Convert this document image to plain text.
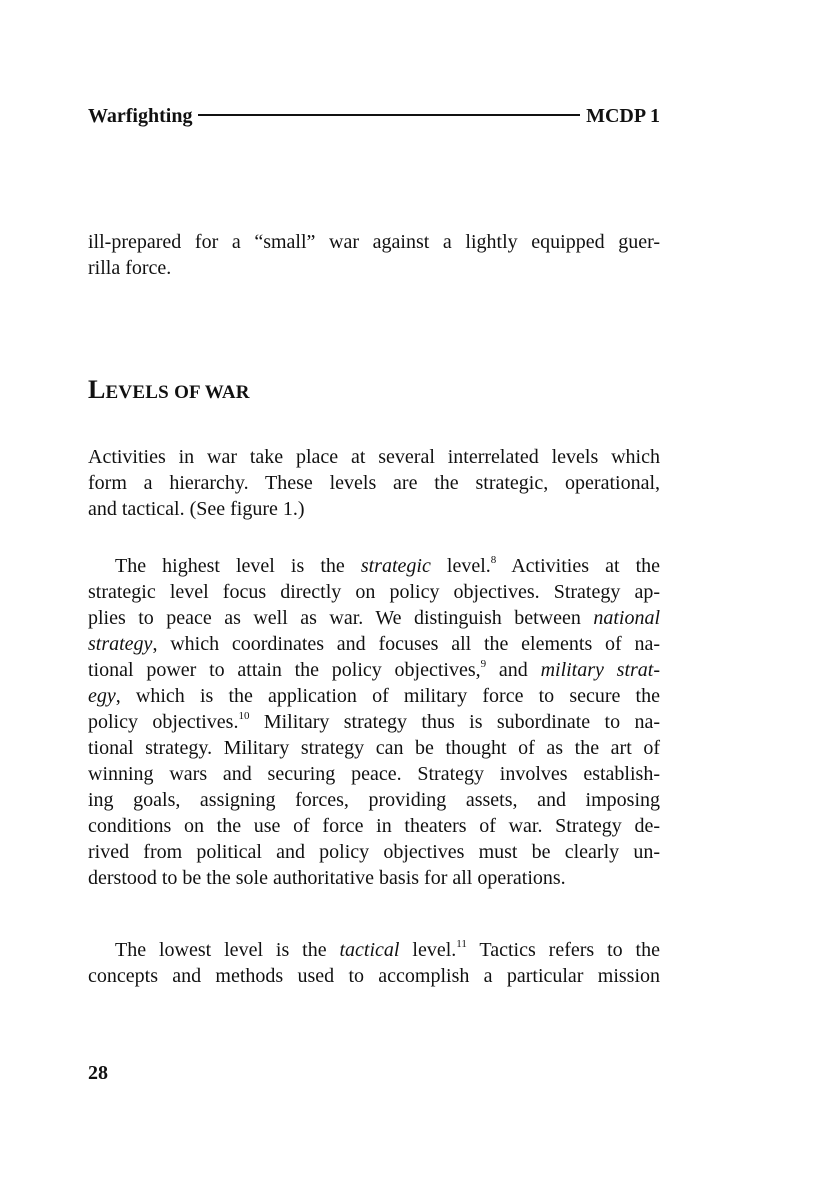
Warfighting	MCDP 1
ill-prepared for a “small” war against a lightly equipped guer-
rilla force.
LEVELS OF WAR
Activities in war take place at several interrelated levels which
form a hierarchy. These levels are the strategic, operational,
and tactical. (See figure 1.)
The highest level is the strategic level.$^8$ Activities at the
strategic level focus directly on policy objectives. Strategy ap-
plies to peace as well as war. We distinguish between national
strategy, which coordinates and focuses all the elements of na-
tional power to attain the policy objectives,$^9$ and military strat-
egy, which is the application of military force to secure the
policy objectives.$^{10}$ Military strategy thus is subordinate to na-
tional strategy. Military strategy can be thought of as the art of
winning wars and securing peace. Strategy involves establish-
ing goals, assigning forces, providing assets, and imposing
conditions on the use of force in theaters of war. Strategy de-
rived from political and policy objectives must be clearly un-
derstood to be the sole authoritative basis for all operations.
The lowest level is the tactical level.$^{11}$ Tactics refers to the
concepts and methods used to accomplish a particular mission
28
